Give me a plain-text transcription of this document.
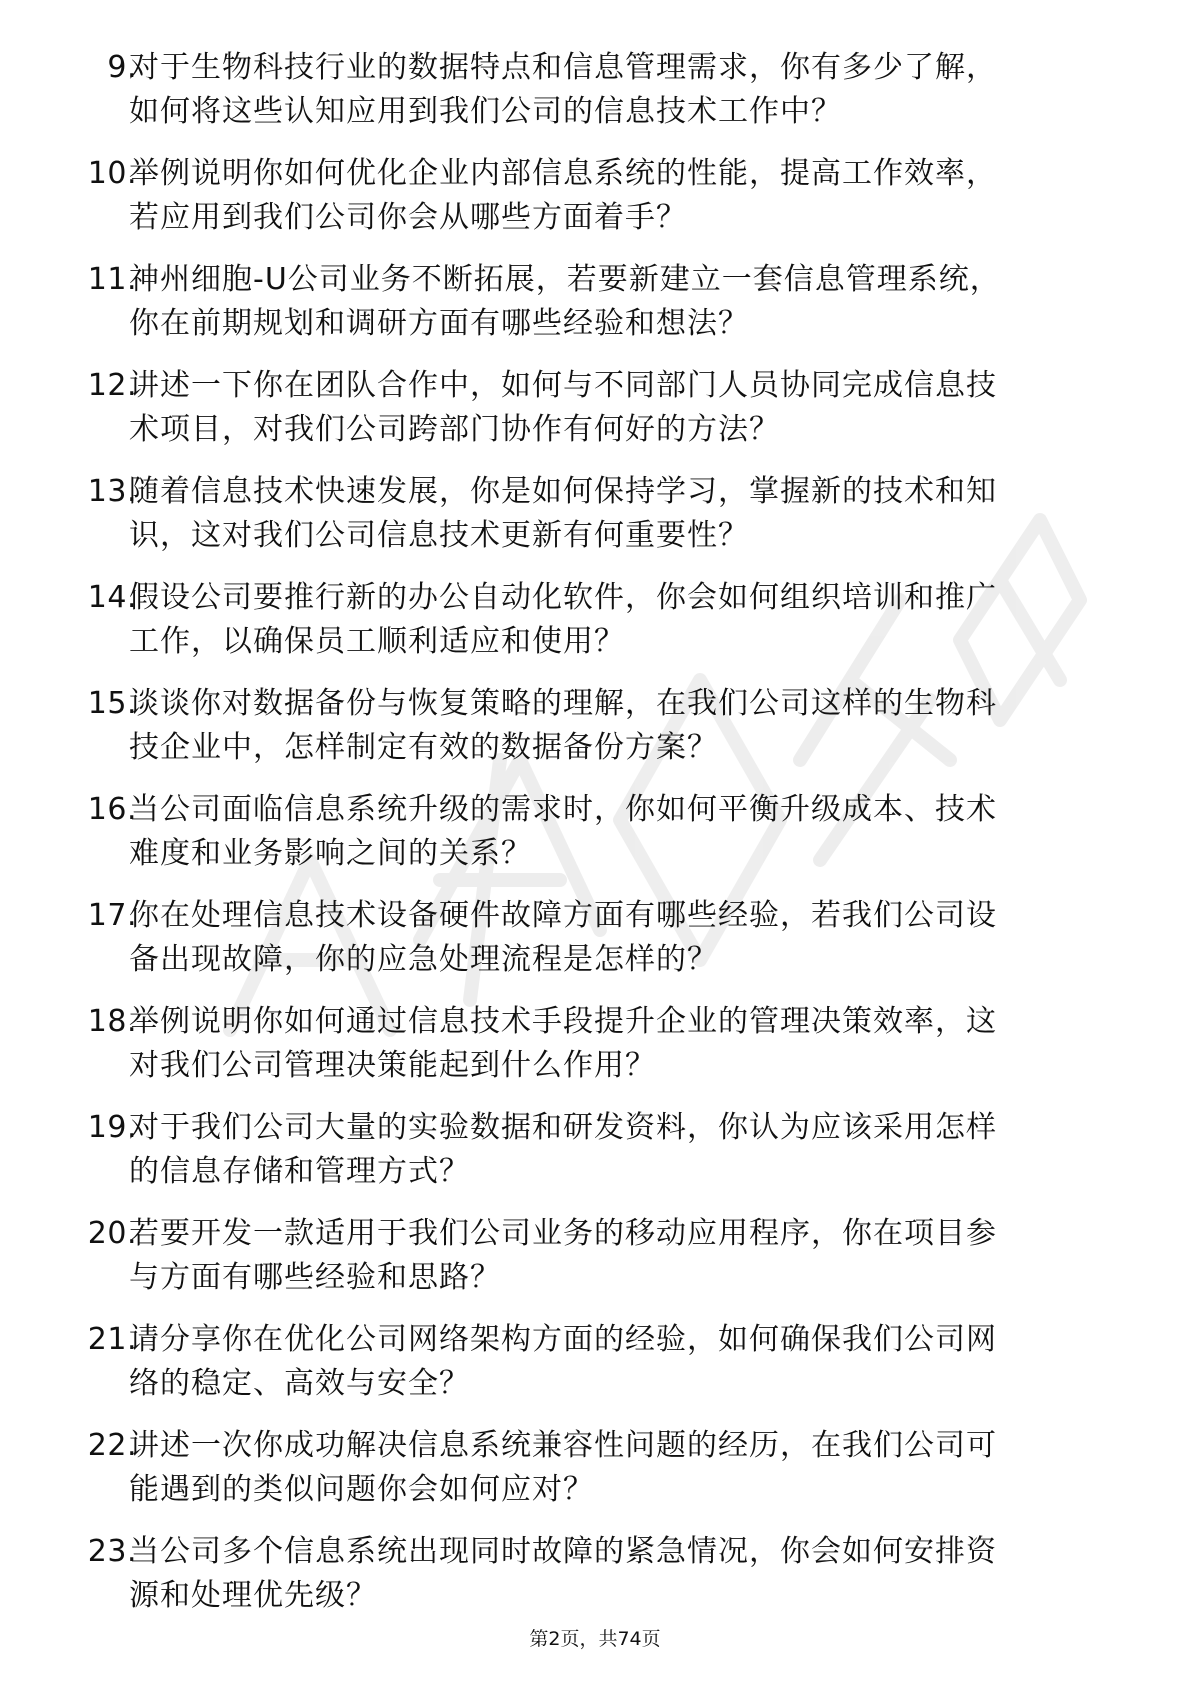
9.
对于生物科技行业的数据特点和信息管理需求，你有多少了解，
如何将这些认知应用到我们公司的信息技术工作中？
10.
举例说明你如何优化企业内部信息系统的性能，提高工作效率，
若应用到我们公司你会从哪些方面着手？
11.
神州细胞-U公司业务不断拓展，若要新建立一套信息管理系统，
你在前期规划和调研方面有哪些经验和想法？
12.
讲述一下你在团队合作中，如何与不同部门人员协同完成信息技
术项目，对我们公司跨部门协作有何好的方法？
13.
随着信息技术快速发展，你是如何保持学习，掌握新的技术和知
识，这对我们公司信息技术更新有何重要性？
14.
假设公司要推行新的办公自动化软件，你会如何组织培训和推广
工作，以确保员工顺利适应和使用？
15.
谈谈你对数据备份与恢复策略的理解，在我们公司这样的生物科
技企业中，怎样制定有效的数据备份方案？
16.
当公司面临信息系统升级的需求时，你如何平衡升级成本、技术
难度和业务影响之间的关系？
17.
你在处理信息技术设备硬件故障方面有哪些经验，若我们公司设
备出现故障，你的应急处理流程是怎样的？
18.
举例说明你如何通过信息技术手段提升企业的管理决策效率，这
对我们公司管理决策能起到什么作用？
19.
对于我们公司大量的实验数据和研发资料，你认为应该采用怎样
的信息存储和管理方式？
20.
若要开发一款适用于我们公司业务的移动应用程序，你在项目参
与方面有哪些经验和思路？
21.
请分享你在优化公司网络架构方面的经验，如何确保我们公司网
络的稳定、高效与安全？
22.
讲述一次你成功解决信息系统兼容性问题的经历，在我们公司可
能遇到的类似问题你会如何应对？
23.
当公司多个信息系统出现同时故障的紧急情况，你会如何安排资
源和处理优先级？
第2页，共74页
